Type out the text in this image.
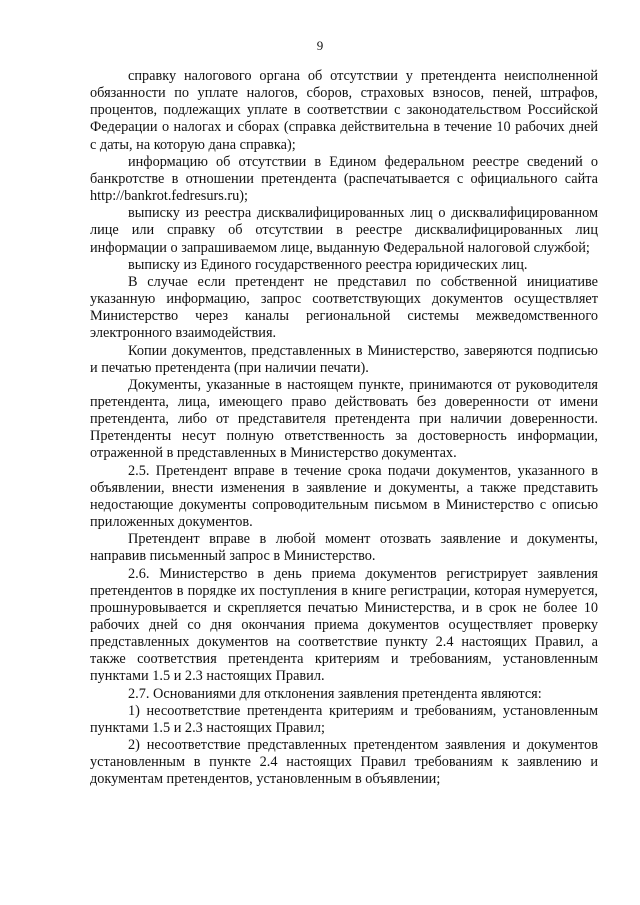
9

справку налогового органа об отсутствии у претендента неисполненной обязанности по уплате налогов, сборов, страховых взносов, пеней, штрафов, процентов, подлежащих уплате в соответствии с законодательством Российской Федерации о налогах и сборах (справка действительна в течение 10 рабочих дней с даты, на которую дана справка);

информацию об отсутствии в Едином федеральном реестре сведений о банкротстве в отношении претендента (распечатывается с официального сайта http://bankrot.fedresurs.ru);

выписку из реестра дисквалифицированных лиц о дисквалифицированном лице или справку об отсутствии в реестре дисквалифицированных лиц информации о запрашиваемом лице, выданную Федеральной налоговой службой;

выписку из Единого государственного реестра юридических лиц.

В случае если претендент не представил по собственной инициативе указанную информацию, запрос соответствующих документов осуществляет Министерство через каналы региональной системы межведомственного электронного взаимодействия.

Копии документов, представленных в Министерство, заверяются подписью и печатью претендента (при наличии печати).

Документы, указанные в настоящем пункте, принимаются от руководителя претендента, лица, имеющего право действовать без доверенности от имени претендента, либо от представителя претендента при наличии доверенности. Претенденты несут полную ответственность за достоверность информации, отраженной в представленных в Министерство документах.

2.5. Претендент вправе в течение срока подачи документов, указанного в объявлении, внести изменения в заявление и документы, а также представить недостающие документы сопроводительным письмом в Министерство с описью приложенных документов.

Претендент вправе в любой момент отозвать заявление и документы, направив письменный запрос в Министерство.

2.6. Министерство в день приема документов регистрирует заявления претендентов в порядке их поступления в книге регистрации, которая нумеруется, прошнуровывается и скрепляется печатью Министерства, и в срок не более 10 рабочих дней со дня окончания приема документов осуществляет проверку представленных документов на соответствие пункту 2.4 настоящих Правил, а также соответствия претендента критериям и требованиям, установленным пунктами 1.5 и 2.3 настоящих Правил.

2.7. Основаниями для отклонения заявления претендента являются:

1) несоответствие претендента критериям и требованиям, установленным пунктами 1.5 и 2.3 настоящих Правил;

2) несоответствие представленных претендентом заявления и документов установленным в пункте 2.4 настоящих Правил требованиям к заявлению и документам претендентов, установленным в объявлении;
